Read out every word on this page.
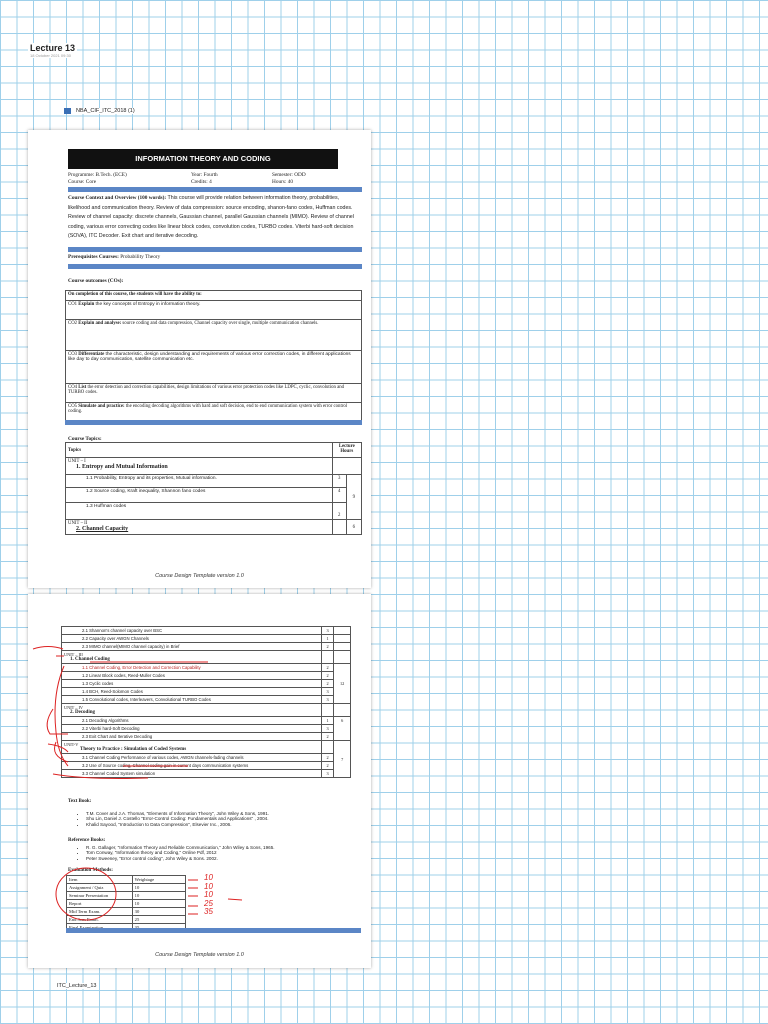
Lecture 13
18 October 2021 09:30
NBA_CIF_ITC_2018 (1)
INFORMATION THEORY AND CODING
Programme: B.Tech. (ECE)	Year: Fourth	Semester: ODD
Course: Core	Credits: 4	Hours: 40
Course Context and Overview (100 words): This course will provide relation between information theory, probabilities, likelihood and communication theory. Review of data compression: source encoding, shanon-fano codes, Huffman codes. Review of channel capacity: discrete channels, Gaussian channel, parallel Gaussian channels (MIMO). Review of channel coding, various error correcting codes like linear block codes, convolution codes, TURBO codes. Viterbi hard-soft decision (SOVA), ITC Decoder. Exit chart and iterative decoding.
Prerequisites Courses: Probability Theory
Course outcomes (COs):
On completion of this course, the students will have the ability to:
CO1 Explain the key concepts of Entropy in information theory.
CO2 Explain and analyse: source coding and data compression, Channel capacity over single, multiple communication channels.
CO3 Differentiate the characteristic, design understanding and requirements of various error correction codes, in different applications like day to day communication, satellite communication etc.
CO4 List the error detection and correction capabilities, design limitations of various error protection codes like LDPC, cyclic, convolution and TURBO codes.
CO5 Simulate and practice: the encoding decoding algorithms with hard and soft decision, end to end communication system with error control coding.
Course Topics:
Topics	Lecture Hours	

UNIT – I
1. Entropy and Mutual Information		

1.1 Probability, Entropy and its properties, Mutual information.	3	9
1.2 Source coding, Kraft inequality, Shannon fano codes	4	
1.3 Huffman codes	2	

UNIT – II
2. Channel Capacity		6
Course Design Template version 1.0
2.1 Shannon's channel capacity over BSC	3	
2.2 Capacity over AWGN Channels	1	
2.3 MIMO channel(MIMO channel capacity) in Brief	2	

UNIT – III
1. Channel Coding		

1.1 Channel Coding, Error Detection and Correction Capability	2	12
1.2 Linear Block codes, Reed-Muller Codes	2	
1.3 Cyclic codes	2	
1.4 BCH, Reed-Solomon Codes	3	
1.5 Convolutional codes, Interleavers, Convolutional TURBO Codes	3	

UNIT – IV
2. Decoding		

2.1 Decoding Algorithms	1	6
2.2 Viterbi hard-Soft Decoding	3	
2.3 Exit Chart and Iterative Decoding	2	

UNIT-V
Theory to Practice : Simulation of Coded Systems		7
3.1 Channel Coding Performance of various codes, AWGN channels-fading channels	2	
3.2 Use of Source coding, Channel coding gain in current days communication systems	2	
3.3 Channel Coded System simulation	3	
Text Book:
• T.M. Cover and J.A. Thomas, "Elements of Information Theory", John Wiley & Sons, 1991.
• Shu Lin, Daniel J. Costello "Error-Control Coding: Fundamentals and Applications" , 2004.
• Khalid Sayood, "Introduction to Data Compression", Elsevier Inc., 2006.
Reference Books:
• R. G. Gallager, "Information Theory and Reliable Communication," John Wiley & Sons, 1965.
• Tom Conway, "Information theory and Coding," Online Pdf, 2012
• Peter Sweeney, "Error control coding", John Wiley & Sons. 2002.
Evaluation Methods:
Item	Weightage
Assignment / Quiz	10
Seminar Presentation	10
Report	10
Mid Term Exam.	30
End Sem Exam.	25

10
10
10
25
35
Course Design Template version 1.0
ITC_Lecture_13
